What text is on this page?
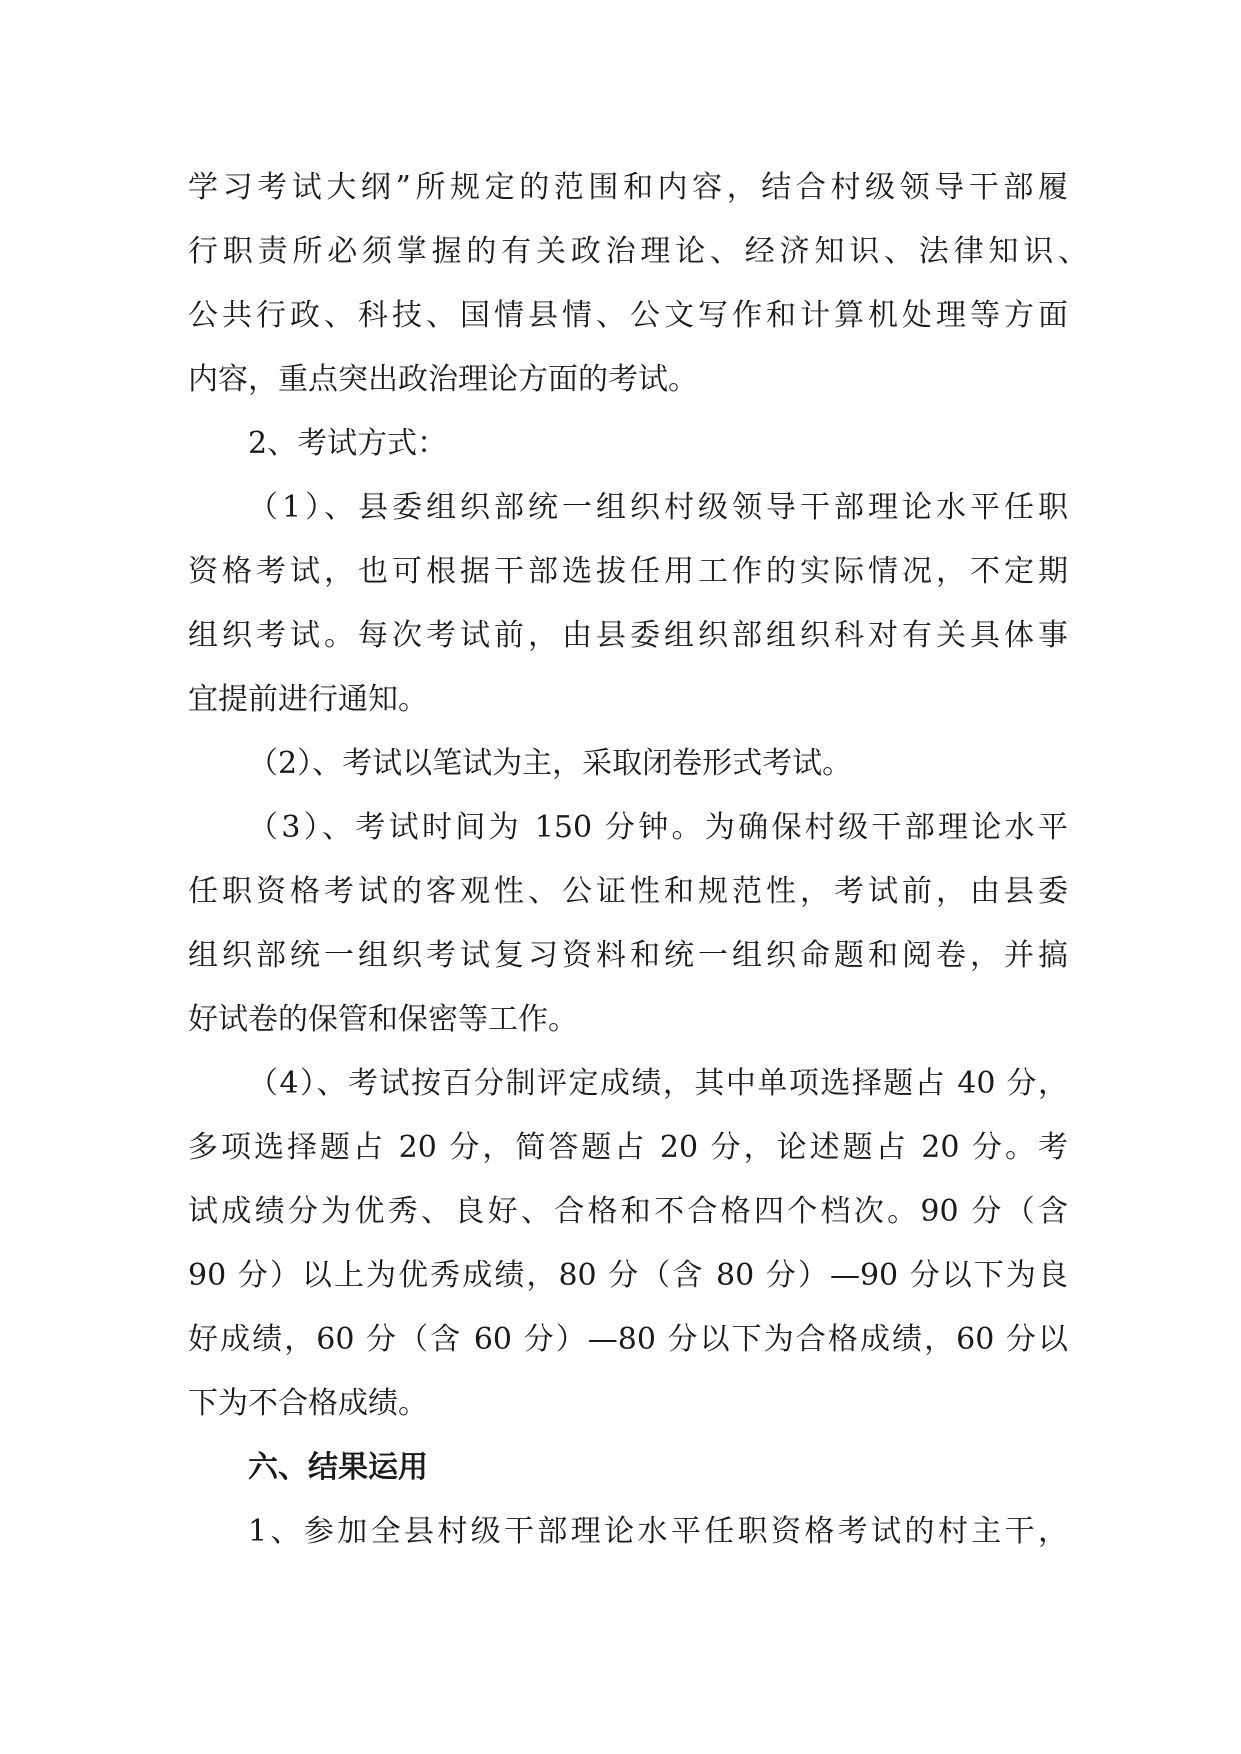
学习考试大纲”所规定的范围和内容，结合村级领导干部履
行职责所必须掌握的有关政治理论、经济知识、法律知识、
公共行政、科技、国情县情、公文写作和计算机处理等方面
内容，重点突出政治理论方面的考试。
2、考试方式：
（1）、县委组织部统一组织村级领导干部理论水平任职
资格考试，也可根据干部选拔任用工作的实际情况，不定期
组织考试。每次考试前，由县委组织部组织科对有关具体事
宜提前进行通知。
（2）、考试以笔试为主，采取闭卷形式考试。
（3）、考试时间为 150 分钟。为确保村级干部理论水平
任职资格考试的客观性、公证性和规范性，考试前，由县委
组织部统一组织考试复习资料和统一组织命题和阅卷，并搞
好试卷的保管和保密等工作。
（4）、考试按百分制评定成绩，其中单项选择题占 40 分，
多项选择题占 20 分，简答题占 20 分，论述题占 20 分。考
试成绩分为优秀、良好、合格和不合格四个档次。90 分（含
90 分）以上为优秀成绩，80 分（含 80 分）—90 分以下为良
好成绩，60 分（含 60 分）—80 分以下为合格成绩，60 分以
下为不合格成绩。
六、结果运用
1、参加全县村级干部理论水平任职资格考试的村主干，
